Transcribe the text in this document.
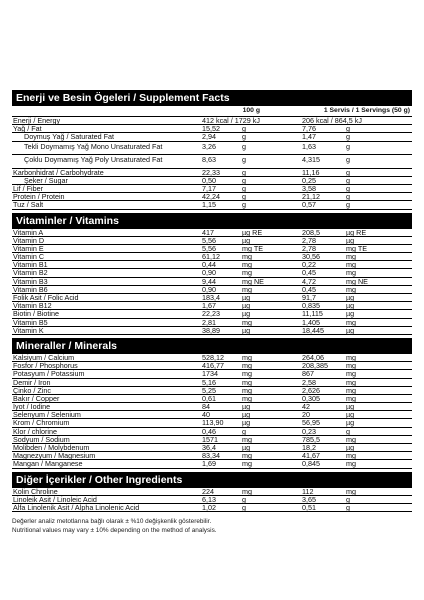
Enerji ve Besin Ögeleri / Supplement Facts
100 g	1 Servis / 1 Servings (50 g)
Enerji / Energy	412 kcal / 1729 kJ	206 kcal / 864,5 kJ
Yağ / Fat	15,52	g	7,76	g
Doymuş Yağ / Saturated Fat	2,94	g	1,47	g
Tekli Doymamış Yağ Mono Unsaturated Fat	3,26	g	1,63	g
Çoklu Doymamış Yağ Poly Unsaturated Fat	8,63	g	4,315	g
Karbonhidrat / Carbohydrate	22,33	g	11,16	g
Şeker / Sugar	0,50	g	0,25	g
Lif / Fiber	7,17	g	3,58	g
Protein / Protein	42,24	g	21,12	g
Tuz / Salt	1,15	g	0,57	g
Vitaminler / Vitamins
Vitamin A	417	µg RE	208,5	µg RE
Vitamin D	5,56	µg	2,78	µg
Vitamin E	5,56	mg TE	2,78	mg TE
Vitamin C	61,12	mg	30,56	mg
Vitamin B1	0,44	mg	0,22	mg
Vitamin B2	0,90	mg	0,45	mg
Vitamin B3	9,44	mg NE	4,72	mg NE
Vitamin B6	0,90	mg	0,45	mg
Folik Asit / Folic Acid	183,4	µg	91,7	µg
Vitamin B12	1,67	µg	0,835	µg
Biotin / Biotine	22,23	µg	11,115	µg
Vitamin B5	2,81	mg	1,405	mg
Vitamin K	38,89	µg	18,445	µg
Mineraller / Minerals
Kalsiyum / Calcium	528,12	mg	264,06	mg
Fosfor / Phosphorus	416,77	mg	208,385	mg
Potasyum / Potassium	1734	mg	867	mg
Demir / Iron	5,16	mg	2,58	mg
Çinko / Zinc	5,25	mg	2,626	mg
Bakır / Copper	0,61	mg	0,305	mg
İyot / Iodine	84	µg	42	µg
Selenyum / Selenium	40	µg	20	µg
Krom / Chromium	113,90	µg	56,95	µg
Klor / chlorine	0,46	g	0,23	g
Sodyum / Sodium	1571	mg	785,5	mg
Molibden / Molybdenum	36,4	µg	18,2	µg
Magnezyum / Magnesium	83,34	mg	41,67	mg
Mangan / Manganese	1,69	mg	0,845	mg
Diğer İçerikler / Other Ingredients
Kolin Chroline	224	mg	112	mg
Linoleik Asit / Linoleic Acid	6,13	g	3,65	g
Alfa Linolenik Asit / Alpha Linolenic Acid	1,02	g	0,51	g
Değerler analiz metotlarına bağlı olarak ± %10 değişkenlik gösterebilir.
Nutritional values may vary ± 10% depending on the method of analysis.
